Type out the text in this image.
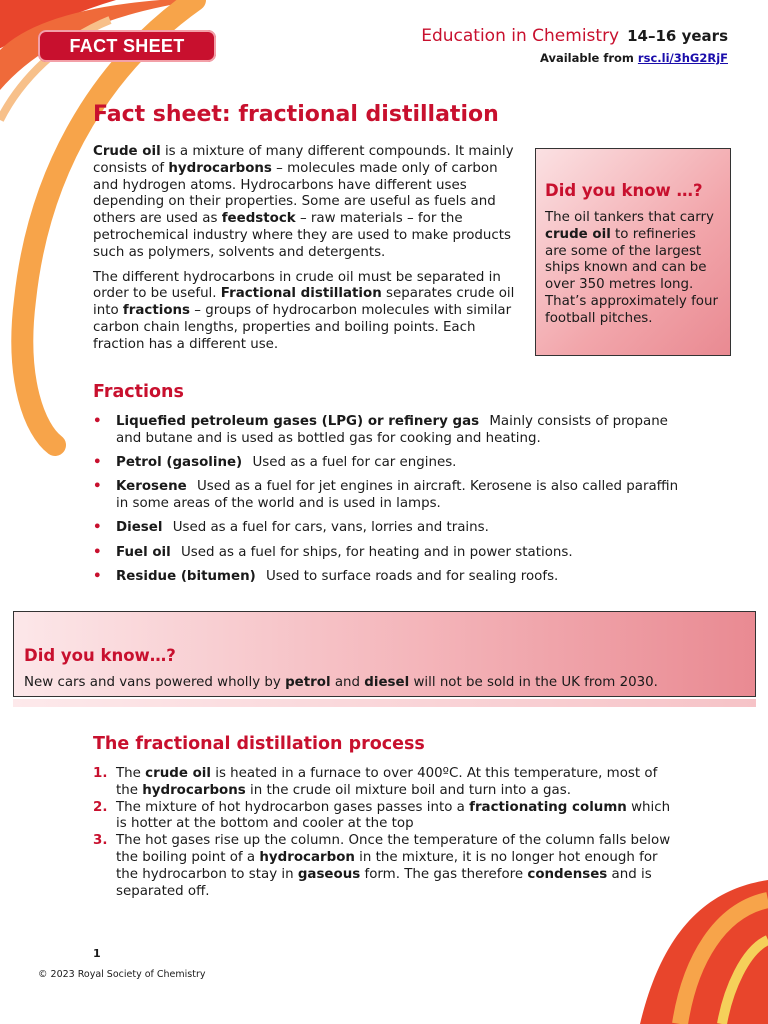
FACT SHEET	Education in Chemistry 14–16 years
Available from rsc.li/3hG2RjF
Fact sheet: fractional distillation

Crude oil is a mixture of many different compounds. It mainly consists of hydrocarbons – molecules made only of carbon and hydrogen atoms. Hydrocarbons have different uses depending on their properties. Some are useful as fuels and others are used as feedstock – raw materials – for the petrochemical industry where they are used to make products such as polymers, solvents and detergents.

The different hydrocarbons in crude oil must be separated in order to be useful. Fractional distillation separates crude oil into fractions – groups of hydrocarbon molecules with similar carbon chain lengths, properties and boiling points. Each fraction has a different use.

Did you know …?

The oil tankers that carry crude oil to refineries are some of the largest ships known and can be over 350 metres long. That’s approximately four football pitches.

Fractions
• Liquefied petroleum gases (LPG) or refinery gas Mainly consists of propane and butane and is used as bottled gas for cooking and heating.
• Petrol (gasoline) Used as a fuel for car engines.
• Kerosene Used as a fuel for jet engines in aircraft. Kerosene is also called paraffin in some areas of the world and is used in lamps.
• Diesel Used as a fuel for cars, vans, lorries and trains.
• Fuel oil Used as a fuel for ships, for heating and in power stations.
• Residue (bitumen) Used to surface roads and for sealing roofs.
Did you know…?

New cars and vans powered wholly by petrol and diesel will not be sold in the UK from 2030.

The fractional distillation process
1. The crude oil is heated in a furnace to over 400ºC. At this temperature, most of the hydrocarbons in the crude oil mixture boil and turn into a gas.
2. The mixture of hot hydrocarbon gases passes into a fractionating column which is hotter at the bottom and cooler at the top
3. The hot gases rise up the column. Once the temperature of the column falls below the boiling point of a hydrocarbon in the mixture, it is no longer hot enough for the hydrocarbon to stay in gaseous form. The gas therefore condenses and is separated off.
1
© 2023 Royal Society of Chemistry
